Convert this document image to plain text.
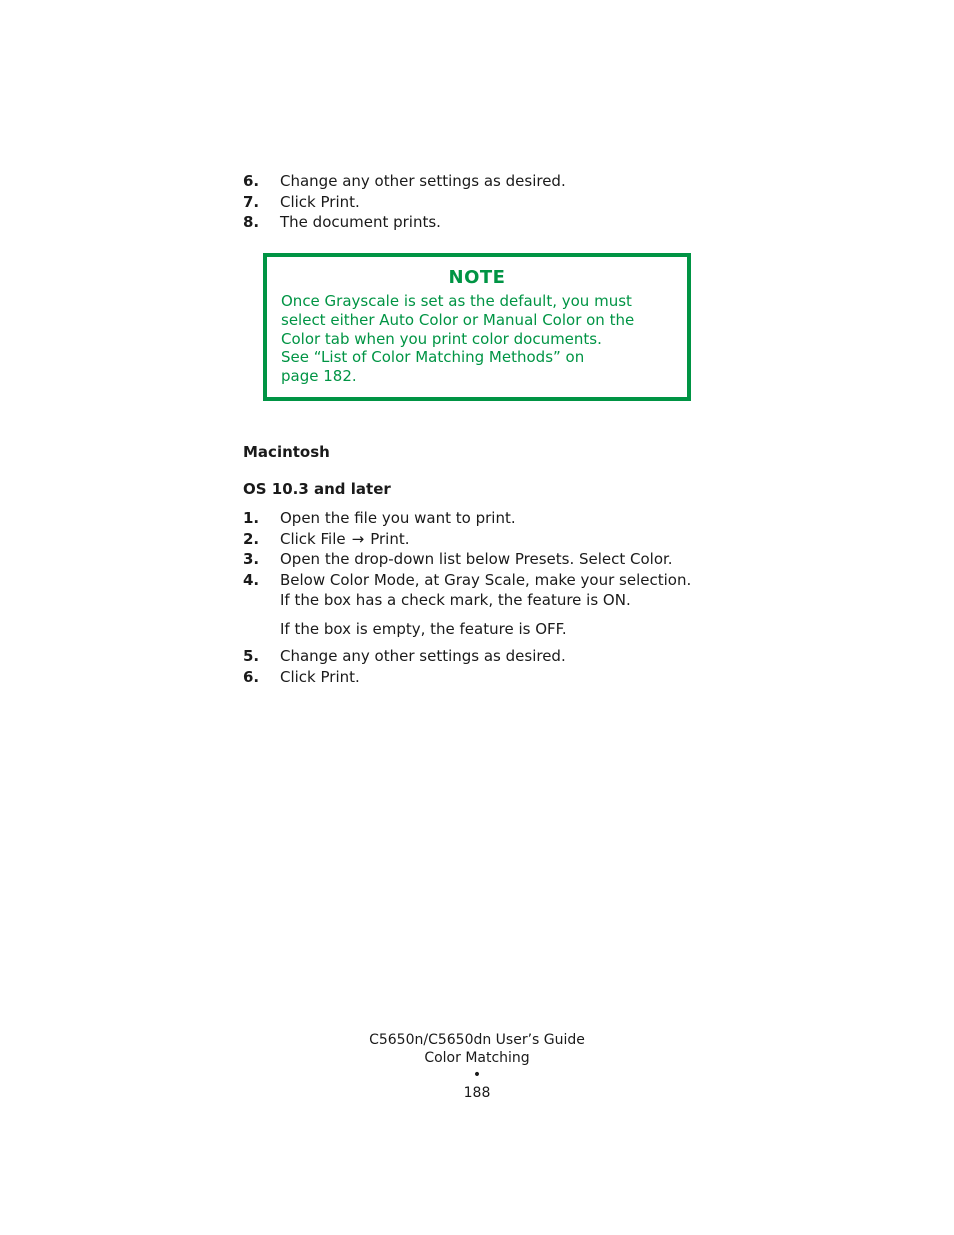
6. Change any other settings as desired.
7. Click Print.
8. The document prints.
NOTE
Once Grayscale is set as the default, you must
select either Auto Color or Manual Color on the
Color tab when you print color documents.
See “List of Color Matching Methods” on
page 182.
Macintosh
OS 10.3 and later
1. Open the file you want to print.
2. Click File → Print.
3. Open the drop-down list below Presets. Select Color.
4. Below Color Mode, at Gray Scale, make your selection.
If the box has a check mark, the feature is ON.
If the box is empty, the feature is OFF.
5. Change any other settings as desired.
6. Click Print.
C5650n/C5650dn User’s Guide
Color Matching
•
188
